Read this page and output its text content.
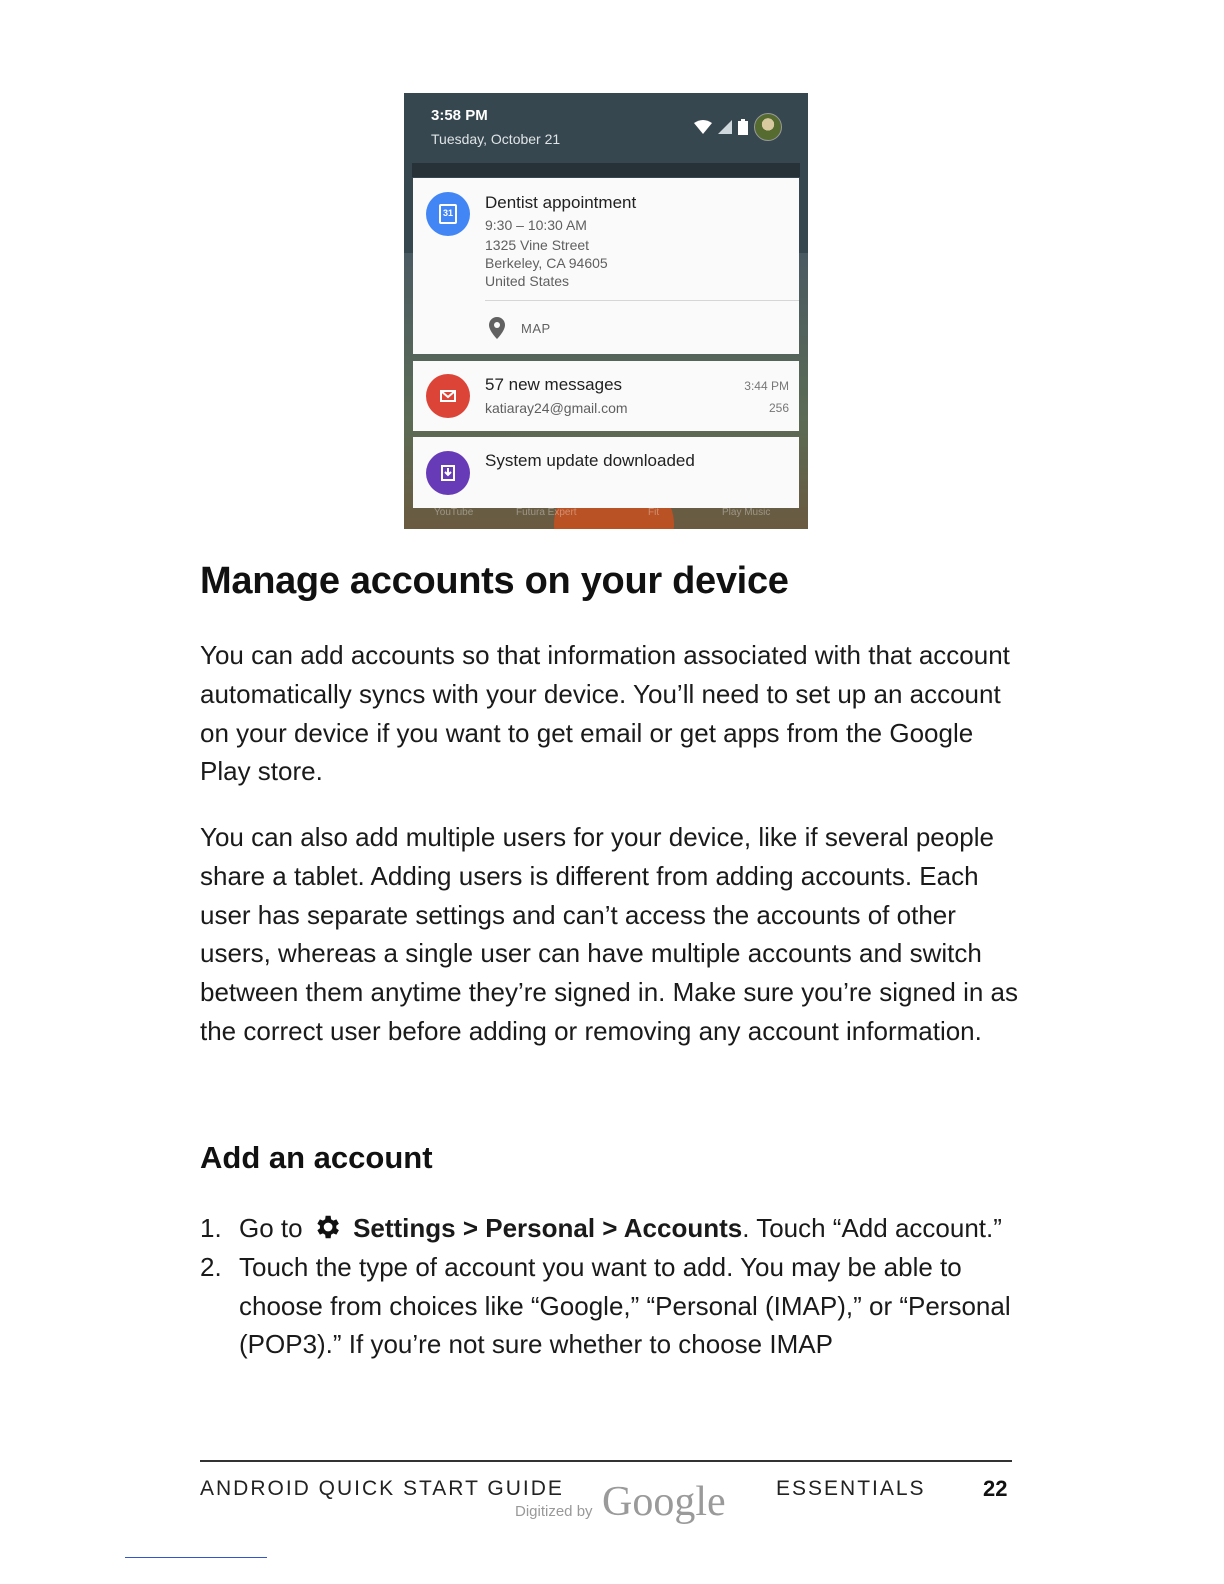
3:58 PM
Tuesday, October 21
31
Dentist appointment
9:30 – 10:30 AM
1325 Vine Street
Berkeley, CA 94605
United States
MAP
57 new messages
katiaray24@gmail.com
3:44 PM
256
System update downloaded
YouTube	Futura Expert	Fit	Play Music
Manage accounts on your device

You can add accounts so that information associated with that account automatically syncs with your device. You’ll need to set up an account on your device if you want to get email or get apps from the Google Play store.

You can also add multiple users for your device, like if several people share a tablet. Adding users is different from adding accounts. Each user has separate settings and can’t access the accounts of other users, whereas a single user can have multiple accounts and switch between them anytime they’re signed in. Make sure you’re signed in as the correct user before adding or removing any account information.

Add an account
1. Go to Settings > Personal > Accounts. Touch “Add account.”
2. Touch the type of account you want to add. You may be able to choose from choices like “Google,” “Personal (IMAP),” or “Personal (POP3).” If you’re not sure whether to choose IMAP
ANDROID QUICK START GUIDE
Digitized by Google ESSENTIALS	22
